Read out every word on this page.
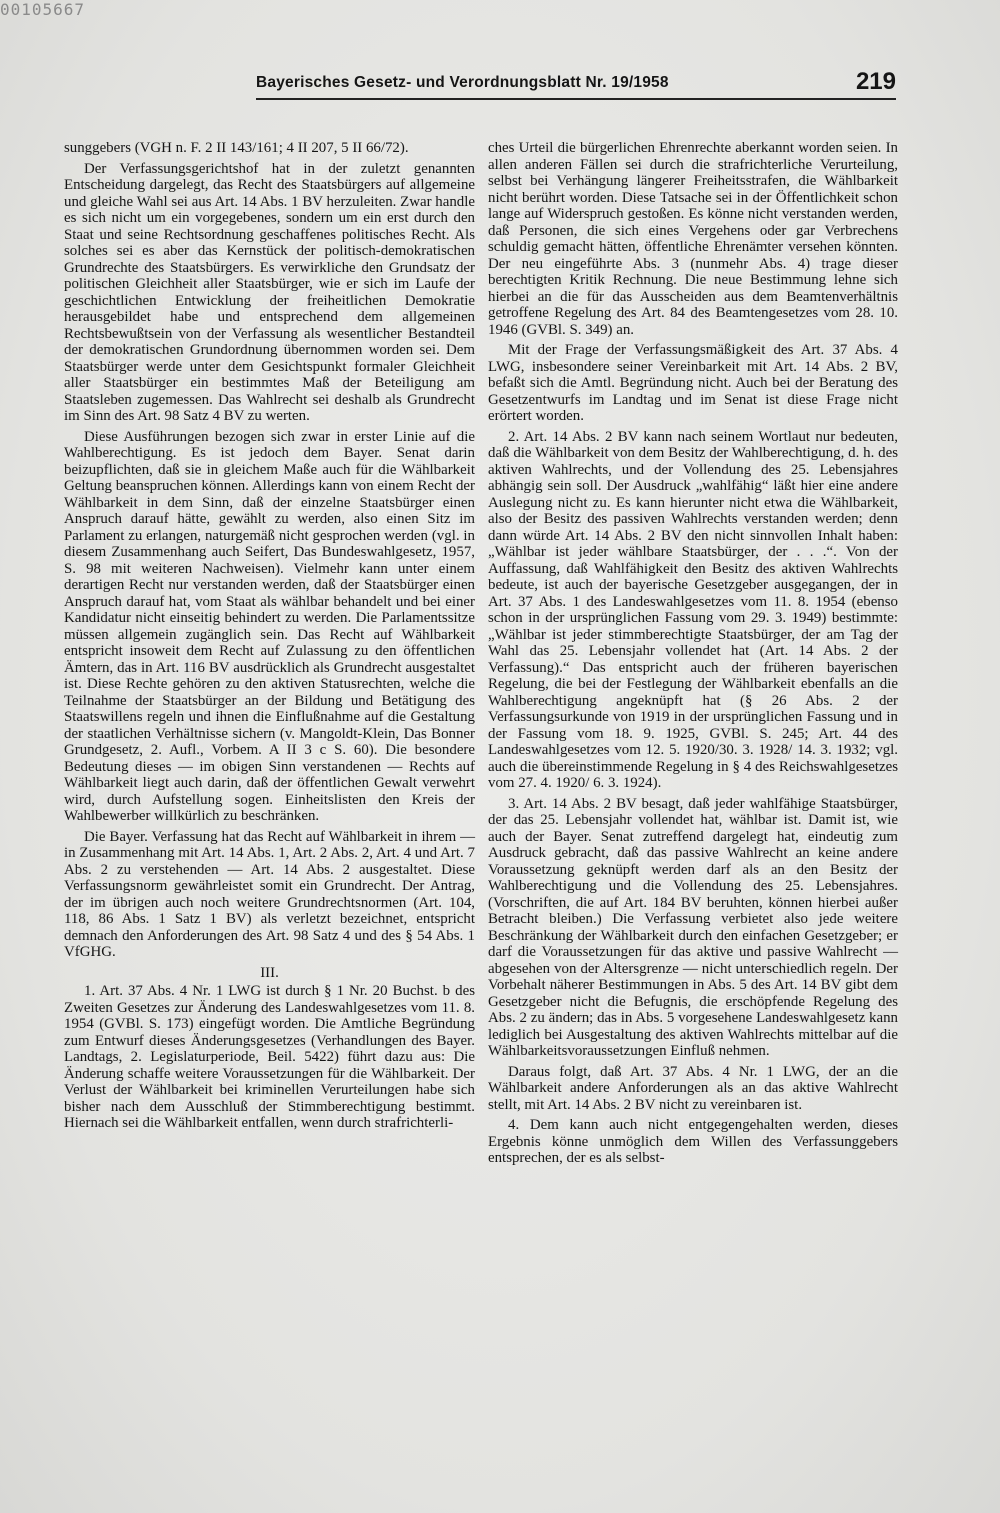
00105667
Bayerisches Gesetz- und Verordnungsblatt Nr. 19/1958	219

sunggebers (VGH n. F. 2 II 143/161; 4 II 207, 5 II 66/72).

Der Verfassungsgerichtshof hat in der zuletzt genannten Entscheidung dargelegt, das Recht des Staatsbürgers auf allgemeine und gleiche Wahl sei aus Art. 14 Abs. 1 BV herzuleiten. Zwar handle es sich nicht um ein vorgegebenes, sondern um ein erst durch den Staat und seine Rechtsordnung geschaffenes politisches Recht. Als solches sei es aber das Kernstück der politisch-demokratischen Grundrechte des Staatsbürgers. Es verwirkliche den Grundsatz der politischen Gleichheit aller Staatsbürger, wie er sich im Laufe der geschichtlichen Entwicklung der freiheitlichen Demokratie herausgebildet habe und entsprechend dem allgemeinen Rechtsbewußtsein von der Verfassung als wesentlicher Bestandteil der demokratischen Grundordnung übernommen worden sei. Dem Staatsbürger werde unter dem Gesichtspunkt formaler Gleichheit aller Staatsbürger ein bestimmtes Maß der Beteiligung am Staatsleben zugemessen. Das Wahlrecht sei deshalb als Grundrecht im Sinn des Art. 98 Satz 4 BV zu werten.

Diese Ausführungen bezogen sich zwar in erster Linie auf die Wahlberechtigung. Es ist jedoch dem Bayer. Senat darin beizupflichten, daß sie in gleichem Maße auch für die Wählbarkeit Geltung beanspruchen können. Allerdings kann von einem Recht der Wählbarkeit in dem Sinn, daß der einzelne Staatsbürger einen Anspruch darauf hätte, gewählt zu werden, also einen Sitz im Parlament zu erlangen, naturgemäß nicht gesprochen werden (vgl. in diesem Zusammenhang auch Seifert, Das Bundeswahlgesetz, 1957, S. 98 mit weiteren Nachweisen). Vielmehr kann unter einem derartigen Recht nur verstanden werden, daß der Staatsbürger einen Anspruch darauf hat, vom Staat als wählbar behandelt und bei einer Kandidatur nicht einseitig behindert zu werden. Die Parlamentssitze müssen allgemein zugänglich sein. Das Recht auf Wählbarkeit entspricht insoweit dem Recht auf Zulassung zu den öffentlichen Ämtern, das in Art. 116 BV ausdrücklich als Grundrecht ausgestaltet ist. Diese Rechte gehören zu den aktiven Statusrechten, welche die Teilnahme der Staatsbürger an der Bildung und Betätigung des Staatswillens regeln und ihnen die Einflußnahme auf die Gestaltung der staatlichen Verhältnisse sichern (v. Mangoldt-Klein, Das Bonner Grundgesetz, 2. Aufl., Vorbem. A II 3 c S. 60). Die besondere Bedeutung dieses — im obigen Sinn verstandenen — Rechts auf Wählbarkeit liegt auch darin, daß der öffentlichen Gewalt verwehrt wird, durch Aufstellung sogen. Einheitslisten den Kreis der Wahlbewerber willkürlich zu beschränken.

Die Bayer. Verfassung hat das Recht auf Wählbarkeit in ihrem — in Zusammenhang mit Art. 14 Abs. 1, Art. 2 Abs. 2, Art. 4 und Art. 7 Abs. 2 zu verstehenden — Art. 14 Abs. 2 ausgestaltet. Diese Verfassungsnorm gewährleistet somit ein Grundrecht. Der Antrag, der im übrigen auch noch weitere Grundrechtsnormen (Art. 104, 118, 86 Abs. 1 Satz 1 BV) als verletzt bezeichnet, entspricht demnach den Anforderungen des Art. 98 Satz 4 und des § 54 Abs. 1 VfGHG.

III.

1. Art. 37 Abs. 4 Nr. 1 LWG ist durch § 1 Nr. 20 Buchst. b des Zweiten Gesetzes zur Änderung des Landeswahlgesetzes vom 11. 8. 1954 (GVBl. S. 173) eingefügt worden. Die Amtliche Begründung zum Entwurf dieses Änderungsgesetzes (Verhandlungen des Bayer. Landtags, 2. Legislaturperiode, Beil. 5422) führt dazu aus: Die Änderung schaffe weitere Voraussetzungen für die Wählbarkeit. Der Verlust der Wählbarkeit bei kriminellen Verurteilungen habe sich bisher nach dem Ausschluß der Stimmberechtigung bestimmt. Hiernach sei die Wählbarkeit entfallen, wenn durch strafrichterli-

ches Urteil die bürgerlichen Ehrenrechte aberkannt worden seien. In allen anderen Fällen sei durch die strafrichterliche Verurteilung, selbst bei Verhängung längerer Freiheitsstrafen, die Wählbarkeit nicht berührt worden. Diese Tatsache sei in der Öffentlichkeit schon lange auf Widerspruch gestoßen. Es könne nicht verstanden werden, daß Personen, die sich eines Vergehens oder gar Verbrechens schuldig gemacht hätten, öffentliche Ehrenämter versehen könnten. Der neu eingeführte Abs. 3 (nunmehr Abs. 4) trage dieser berechtigten Kritik Rechnung. Die neue Bestimmung lehne sich hierbei an die für das Ausscheiden aus dem Beamtenverhältnis getroffene Regelung des Art. 84 des Beamtengesetzes vom 28. 10. 1946 (GVBl. S. 349) an.

Mit der Frage der Verfassungsmäßigkeit des Art. 37 Abs. 4 LWG, insbesondere seiner Vereinbarkeit mit Art. 14 Abs. 2 BV, befaßt sich die Amtl. Begründung nicht. Auch bei der Beratung des Gesetzentwurfs im Landtag und im Senat ist diese Frage nicht erörtert worden.

2. Art. 14 Abs. 2 BV kann nach seinem Wortlaut nur bedeuten, daß die Wählbarkeit von dem Besitz der Wahlberechtigung, d. h. des aktiven Wahlrechts, und der Vollendung des 25. Lebensjahres abhängig sein soll. Der Ausdruck „wahlfähig“ läßt hier eine andere Auslegung nicht zu. Es kann hierunter nicht etwa die Wählbarkeit, also der Besitz des passiven Wahlrechts verstanden werden; denn dann würde Art. 14 Abs. 2 BV den nicht sinnvollen Inhalt haben: „Wählbar ist jeder wählbare Staatsbürger, der . . .“. Von der Auffassung, daß Wahlfähigkeit den Besitz des aktiven Wahlrechts bedeute, ist auch der bayerische Gesetzgeber ausgegangen, der in Art. 37 Abs. 1 des Landeswahlgesetzes vom 11. 8. 1954 (ebenso schon in der ursprünglichen Fassung vom 29. 3. 1949) bestimmte: „Wählbar ist jeder stimmberechtigte Staatsbürger, der am Tag der Wahl das 25. Lebensjahr vollendet hat (Art. 14 Abs. 2 der Verfassung).“ Das entspricht auch der früheren bayerischen Regelung, die bei der Festlegung der Wählbarkeit ebenfalls an die Wahlberechtigung angeknüpft hat (§ 26 Abs. 2 der Verfassungsurkunde von 1919 in der ursprünglichen Fassung und in der Fassung vom 18. 9. 1925, GVBl. S. 245; Art. 44 des Landeswahlgesetzes vom 12. 5. 1920/30. 3. 1928/ 14. 3. 1932; vgl. auch die übereinstimmende Regelung in § 4 des Reichswahlgesetzes vom 27. 4. 1920/ 6. 3. 1924).

3. Art. 14 Abs. 2 BV besagt, daß jeder wahlfähige Staatsbürger, der das 25. Lebensjahr vollendet hat, wählbar ist. Damit ist, wie auch der Bayer. Senat zutreffend dargelegt hat, eindeutig zum Ausdruck gebracht, daß das passive Wahlrecht an keine andere Voraussetzung geknüpft werden darf als an den Besitz der Wahlberechtigung und die Vollendung des 25. Lebensjahres. (Vorschriften, die auf Art. 184 BV beruhten, können hierbei außer Betracht bleiben.) Die Verfassung verbietet also jede weitere Beschränkung der Wählbarkeit durch den einfachen Gesetzgeber; er darf die Voraussetzungen für das aktive und passive Wahlrecht — abgesehen von der Altersgrenze — nicht unterschiedlich regeln. Der Vorbehalt näherer Bestimmungen in Abs. 5 des Art. 14 BV gibt dem Gesetzgeber nicht die Befugnis, die erschöpfende Regelung des Abs. 2 zu ändern; das in Abs. 5 vorgesehene Landeswahlgesetz kann lediglich bei Ausgestaltung des aktiven Wahlrechts mittelbar auf die Wählbarkeitsvoraussetzungen Einfluß nehmen.

Daraus folgt, daß Art. 37 Abs. 4 Nr. 1 LWG, der an die Wählbarkeit andere Anforderungen als an das aktive Wahlrecht stellt, mit Art. 14 Abs. 2 BV nicht zu vereinbaren ist.

4. Dem kann auch nicht entgegengehalten werden, dieses Ergebnis könne unmöglich dem Willen des Verfassunggebers entsprechen, der es als selbst-
